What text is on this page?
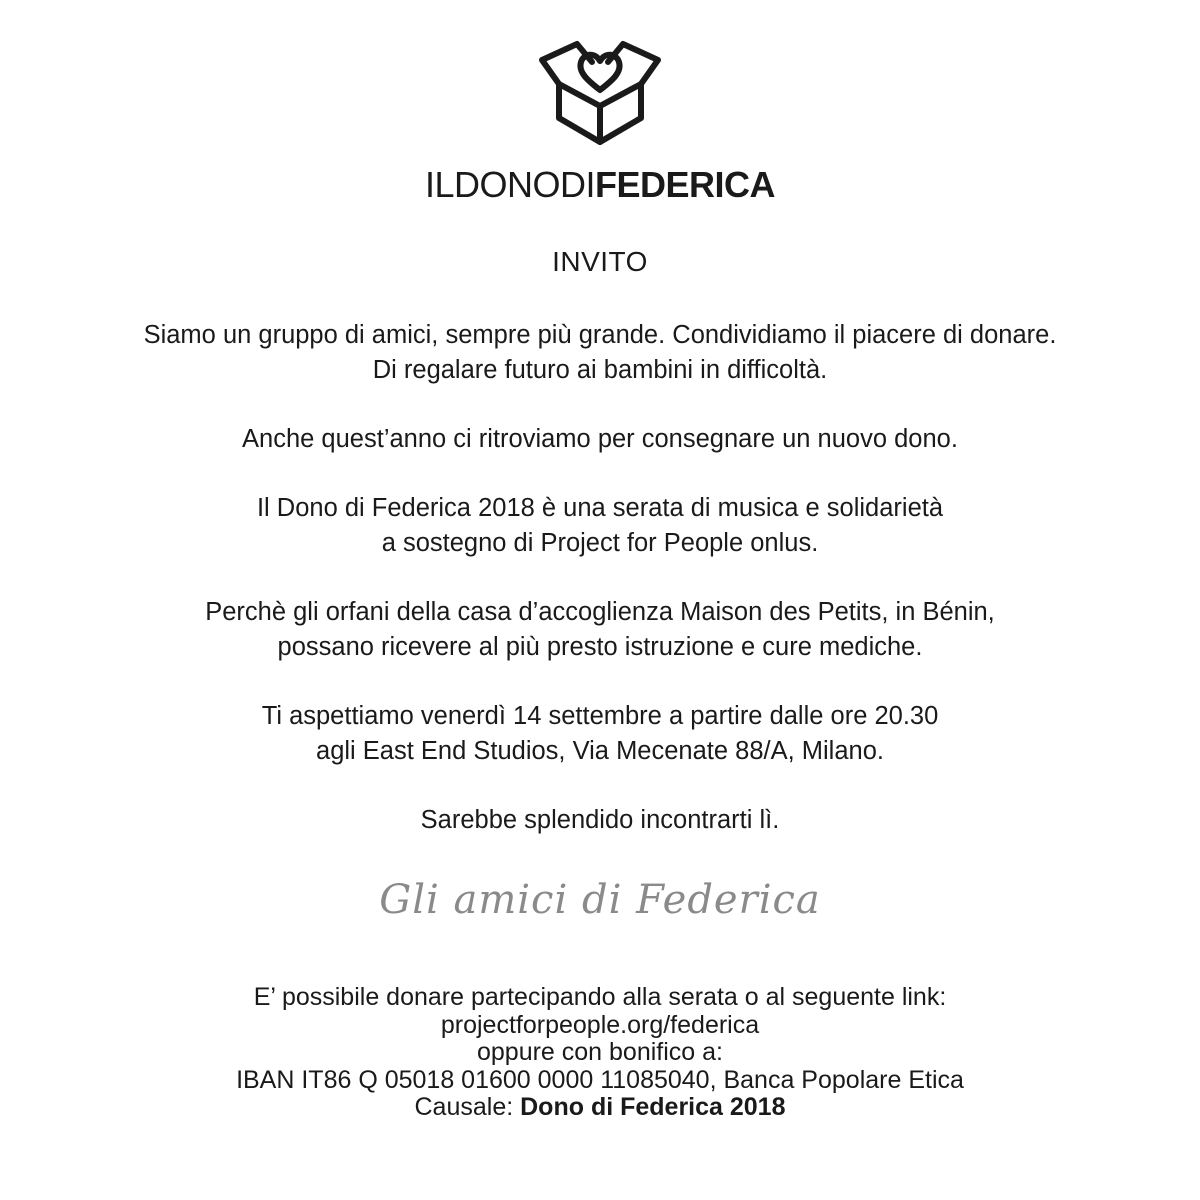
ILDONODIFEDERICA
INVITO

Siamo un gruppo di amici, sempre più grande. Condividiamo il piacere di donare.
Di regalare futuro ai bambini in difficoltà.

Anche quest’anno ci ritroviamo per consegnare un nuovo dono.

Il Dono di Federica 2018 è una serata di musica e solidarietà
a sostegno di Project for People onlus.

Perchè gli orfani della casa d’accoglienza Maison des Petits, in Bénin,
possano ricevere al più presto istruzione e cure mediche.

Ti aspettiamo venerdì 14 settembre a partire dalle ore 20.30
agli East End Studios, Via Mecenate 88/A, Milano.

Sarebbe splendido incontrarti lì.

Gli amici di Federica
E’ possibile donare partecipando alla serata o al seguente link:
projectforpeople.org/federica
oppure con bonifico a:
IBAN IT86 Q 05018 01600 0000 11085040, Banca Popolare Etica
Causale: Dono di Federica 2018
